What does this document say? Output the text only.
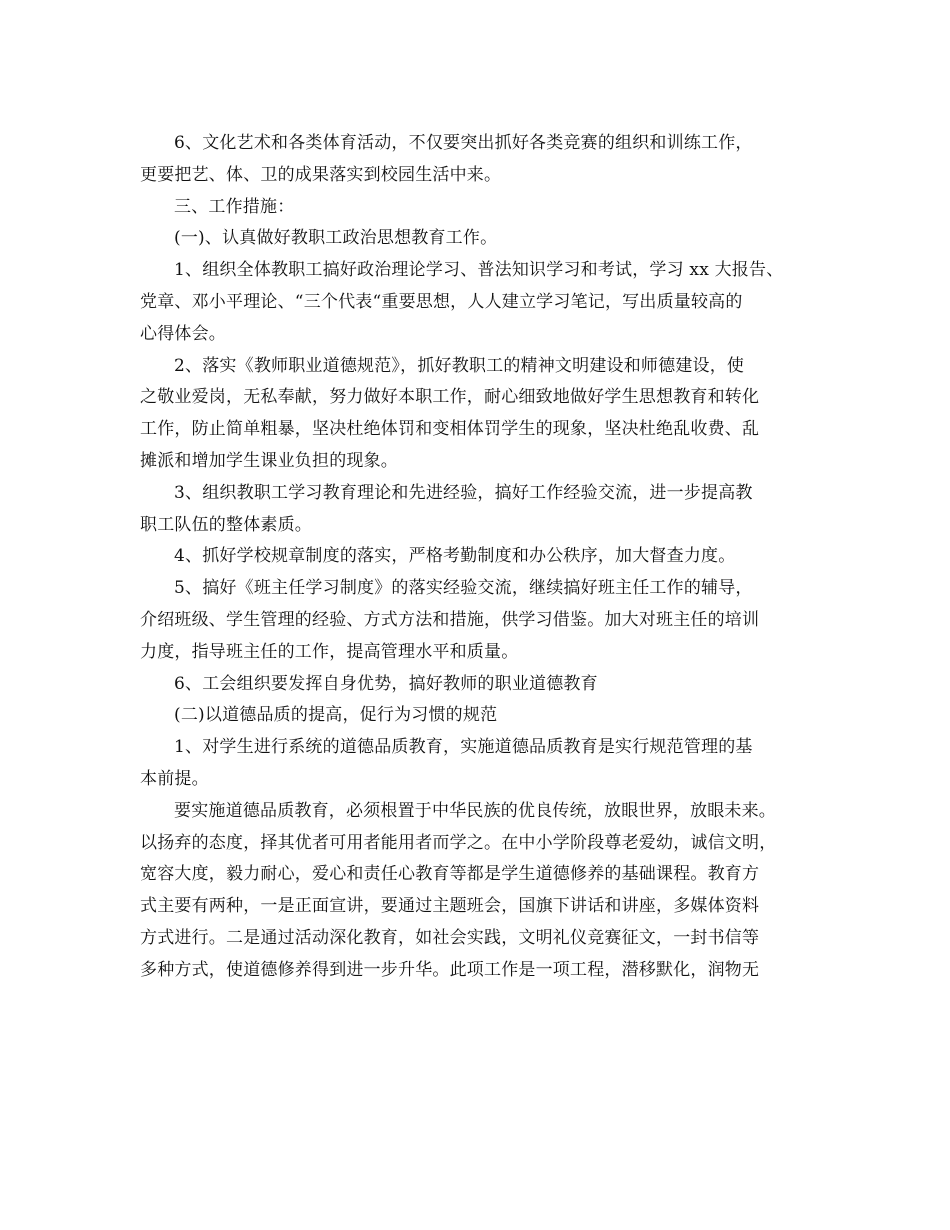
6、文化艺术和各类体育活动，不仅要突出抓好各类竞赛的组织和训练工作，
更要把艺、体、卫的成果落实到校园生活中来。
三、工作措施：
(一)、认真做好教职工政治思想教育工作。
1、组织全体教职工搞好政治理论学习、普法知识学习和考试，学习 xx 大报告、
党章、邓小平理论、“三个代表“重要思想，人人建立学习笔记，写出质量较高的
心得体会。
2、落实《教师职业道德规范》，抓好教职工的精神文明建设和师德建设，使
之敬业爱岗，无私奉献，努力做好本职工作，耐心细致地做好学生思想教育和转化
工作，防止简单粗暴，坚决杜绝体罚和变相体罚学生的现象，坚决杜绝乱收费、乱
摊派和增加学生课业负担的现象。
3、组织教职工学习教育理论和先进经验，搞好工作经验交流，进一步提高教
职工队伍的整体素质。
4、抓好学校规章制度的落实，严格考勤制度和办公秩序，加大督查力度。
5、搞好《班主任学习制度》的落实经验交流，继续搞好班主任工作的辅导，
介绍班级、学生管理的经验、方式方法和措施，供学习借鉴。加大对班主任的培训
力度，指导班主任的工作，提高管理水平和质量。
6、工会组织要发挥自身优势，搞好教师的职业道德教育
(二)以道德品质的提高，促行为习惯的规范
1、对学生进行系统的道德品质教育，实施道德品质教育是实行规范管理的基
本前提。
要实施道德品质教育，必须根置于中华民族的优良传统，放眼世界，放眼未来。
以扬弃的态度，择其优者可用者能用者而学之。在中小学阶段尊老爱幼，诚信文明，
宽容大度，毅力耐心，爱心和责任心教育等都是学生道德修养的基础课程。教育方
式主要有两种，一是正面宣讲，要通过主题班会，国旗下讲话和讲座，多媒体资料
方式进行。二是通过活动深化教育，如社会实践，文明礼仪竞赛征文，一封书信等
多种方式，使道德修养得到进一步升华。此项工作是一项工程，潜移默化，润物无
